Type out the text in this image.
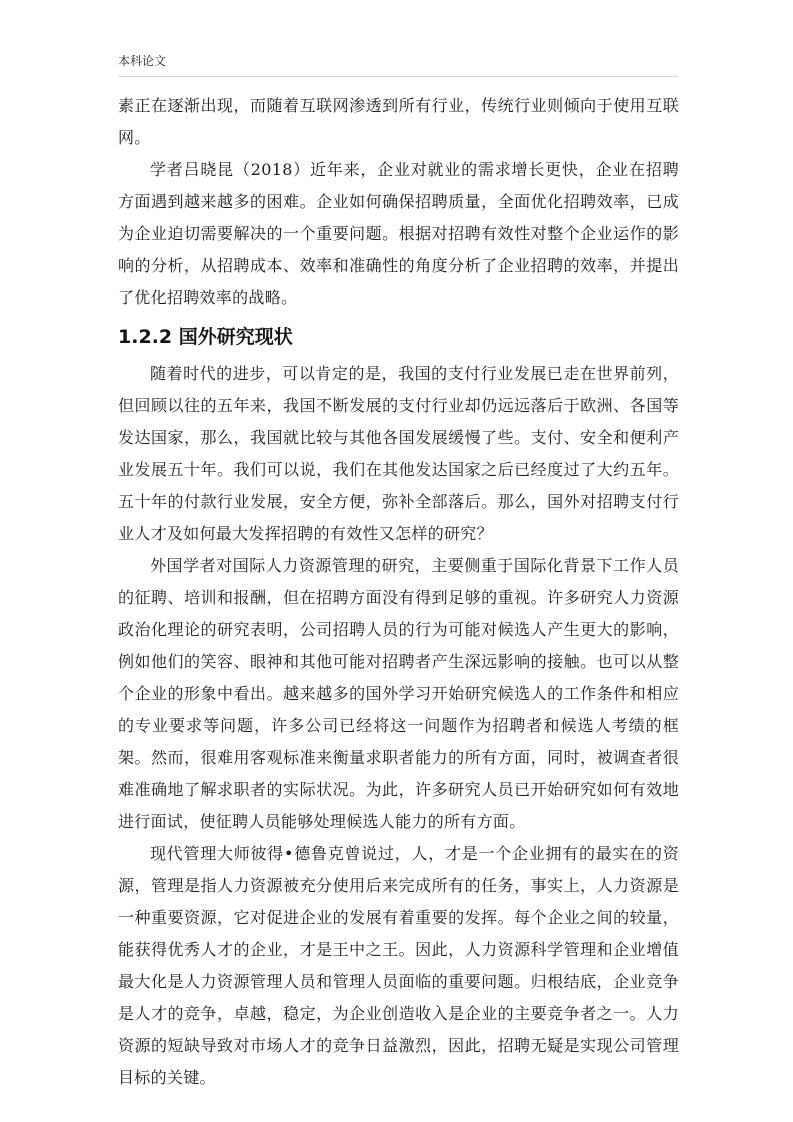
本科论文

素正在逐渐出现，而随着互联网渗透到所有行业，传统行业则倾向于使用互联网。

学者吕晓昆（2018）近年来，企业对就业的需求增长更快，企业在招聘方面遇到越来越多的困难。企业如何确保招聘质量，全面优化招聘效率，已成为企业迫切需要解决的一个重要问题。根据对招聘有效性对整个企业运作的影响的分析，从招聘成本、效率和准确性的角度分析了企业招聘的效率，并提出了优化招聘效率的战略。

1.2.2 国外研究现状

随着时代的进步，可以肯定的是，我国的支付行业发展已走在世界前列，但回顾以往的五年来，我国不断发展的支付行业却仍远远落后于欧洲、各国等发达国家，那么，我国就比较与其他各国发展缓慢了些。支付、安全和便利产业发展五十年。我们可以说，我们在其他发达国家之后已经度过了大约五年。五十年的付款行业发展，安全方便，弥补全部落后。那么，国外对招聘支付行业人才及如何最大发挥招聘的有效性又怎样的研究？

外国学者对国际人力资源管理的研究，主要侧重于国际化背景下工作人员的征聘、培训和报酬，但在招聘方面没有得到足够的重视。许多研究人力资源政治化理论的研究表明，公司招聘人员的行为可能对候选人产生更大的影响，例如他们的笑容、眼神和其他可能对招聘者产生深远影响的接触。也可以从整个企业的形象中看出。越来越多的国外学习开始研究候选人的工作条件和相应的专业要求等问题，许多公司已经将这一问题作为招聘者和候选人考绩的框架。然而，很难用客观标准来衡量求职者能力的所有方面，同时，被调查者很难准确地了解求职者的实际状况。为此，许多研究人员已开始研究如何有效地进行面试，使征聘人员能够处理候选人能力的所有方面。

现代管理大师彼得•德鲁克曾说过，人，才是一个企业拥有的最实在的资源，管理是指人力资源被充分使用后来完成所有的任务，事实上，人力资源是一种重要资源，它对促进企业的发展有着重要的发挥。每个企业之间的较量，能获得优秀人才的企业，才是王中之王。因此，人力资源科学管理和企业增值最大化是人力资源管理人员和管理人员面临的重要问题。归根结底，企业竞争是人才的竞争，卓越，稳定，为企业创造收入是企业的主要竞争者之一。人力资源的短缺导致对市场人才的竞争日益激烈，因此，招聘无疑是实现公司管理目标的关键。
